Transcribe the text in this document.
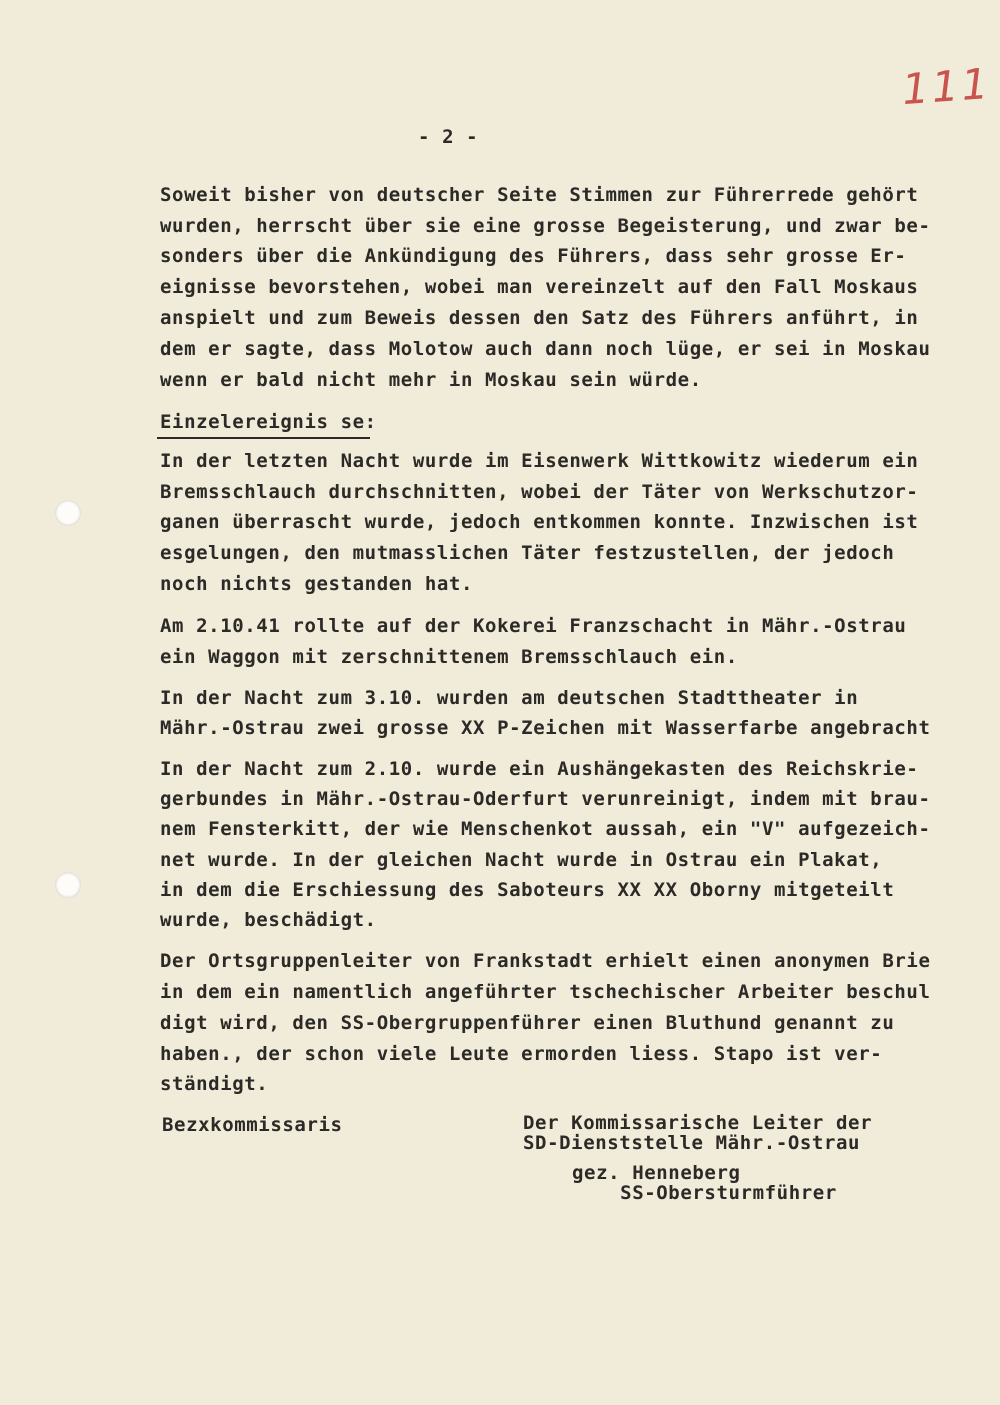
111
- 2 -
Soweit bisher von deutscher Seite Stimmen zur Führerrede gehört
wurden, herrscht über sie eine grosse Begeisterung, und zwar be-
sonders über die Ankündigung des Führers, dass sehr grosse Er-
eignisse bevorstehen, wobei man vereinzelt auf den Fall Moskaus
anspielt und zum Beweis dessen den Satz des Führers anführt, in
dem er sagte, dass Molotow auch dann noch lüge, er sei in Moskau
wenn er bald nicht mehr in Moskau sein würde.
Einzelereignis se:
In der letzten Nacht wurde im Eisenwerk Wittkowitz wiederum ein
Bremsschlauch durchschnitten, wobei der Täter von Werkschutzor-
ganen überrascht wurde, jedoch entkommen konnte. Inzwischen ist
esgelungen, den mutmasslichen Täter festzustellen, der jedoch
noch nichts gestanden hat.
Am 2.10.41 rollte auf der Kokerei Franzschacht in Mähr.-Ostrau
ein Waggon mit zerschnittenem Bremsschlauch ein.
In der Nacht zum 3.10. wurden am deutschen Stadttheater in
Mähr.-Ostrau zwei grosse XX P-Zeichen mit Wasserfarbe angebracht
In der Nacht zum 2.10. wurde ein Aushängekasten des Reichskrie-
gerbundes in Mähr.-Ostrau-Oderfurt verunreinigt, indem mit brau-
nem Fensterkitt, der wie Menschenkot aussah, ein "V" aufgezeich-
net wurde. In der gleichen Nacht wurde in Ostrau ein Plakat,
in dem die Erschiessung des Saboteurs XX XX Oborny mitgeteilt
wurde, beschädigt.
Der Ortsgruppenleiter von Frankstadt erhielt einen anonymen Brie
in dem ein namentlich angeführter tschechischer Arbeiter beschul
digt wird, den SS-Obergruppenführer einen Bluthund genannt zu
haben., der schon viele Leute ermorden liess. Stapo ist ver-
ständigt.
Bezxkommissaris	Der Kommissarische Leiter der
SD-Dienststelle Mähr.-Ostrau
gez. Henneberg
SS-Obersturmführer
